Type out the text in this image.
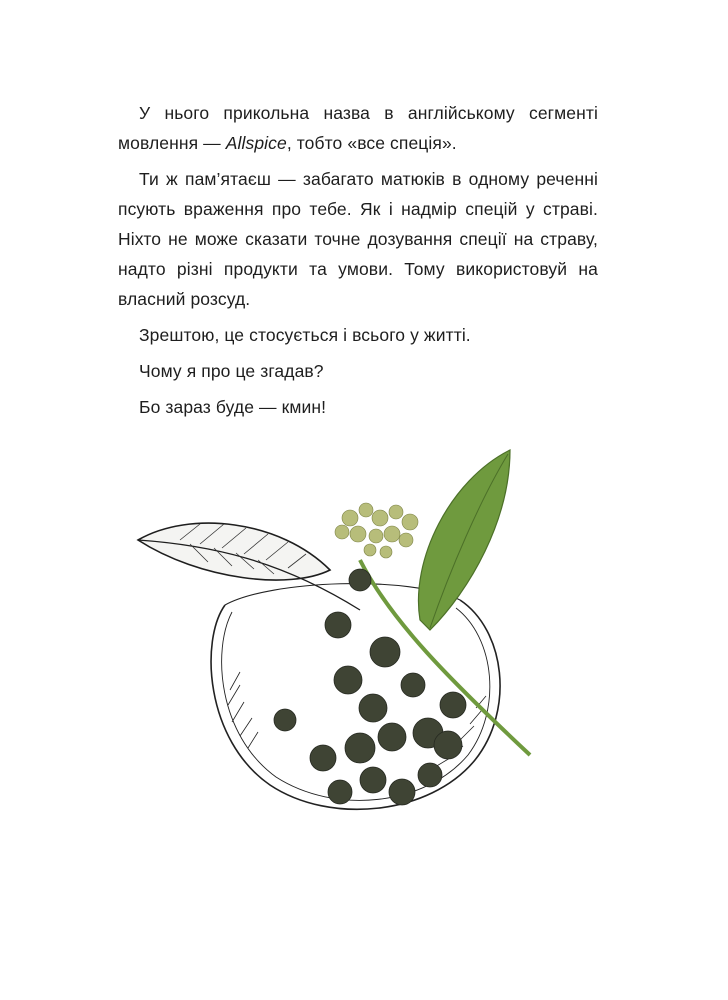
У нього прикольна назва в англійському сегменті мовлення — Allspice, тобто «все спеція».

Ти ж пам’ятаєш — забагато матюків в одному реченні псують враження про тебе. Як і надмір спецій у страві. Ніхто не може сказати точне дозування спеції на страву, надто різні продукти та умови. Тому використовуй на власний розсуд.

Зрештою, це стосується і всього у житті.

Чому я про це згадав?

Бо зараз буде — кмин!
